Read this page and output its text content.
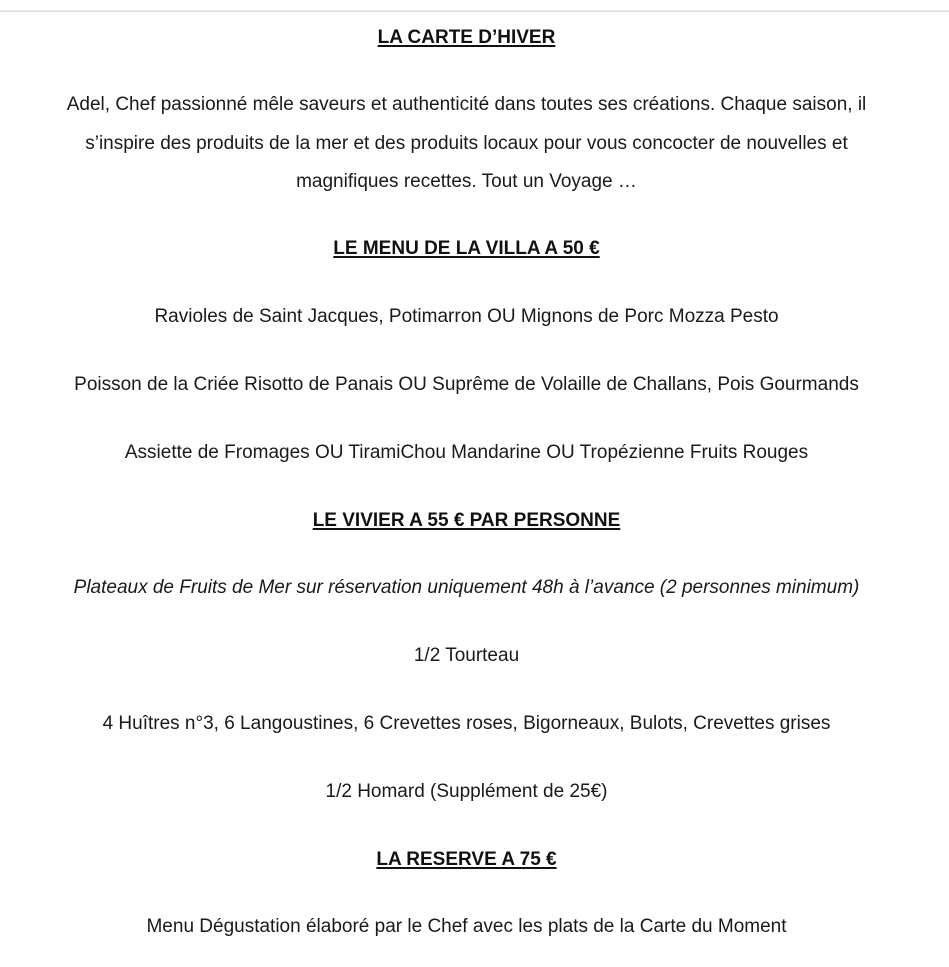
LA CARTE D’HIVER
Adel, Chef passionné mêle saveurs et authenticité dans toutes ses créations. Chaque saison, il
s’inspire des produits de la mer et des produits locaux pour vous concocter de nouvelles et
magnifiques recettes. Tout un Voyage …
LE MENU DE LA VILLA A 50 €
Ravioles de Saint Jacques, Potimarron OU Mignons de Porc Mozza Pesto
Poisson de la Criée Risotto de Panais OU Suprême de Volaille de Challans, Pois Gourmands
Assiette de Fromages OU TiramiChou Mandarine OU Tropézienne Fruits Rouges
LE VIVIER A 55 € PAR PERSONNE
Plateaux de Fruits de Mer sur réservation uniquement 48h à l’avance (2 personnes minimum)
1/2 Tourteau
4 Huîtres n°3, 6 Langoustines, 6 Crevettes roses, Bigorneaux, Bulots, Crevettes grises
1/2 Homard (Supplément de 25€)
LA RESERVE A 75 €
Menu Dégustation élaboré par le Chef avec les plats de la Carte du Moment
